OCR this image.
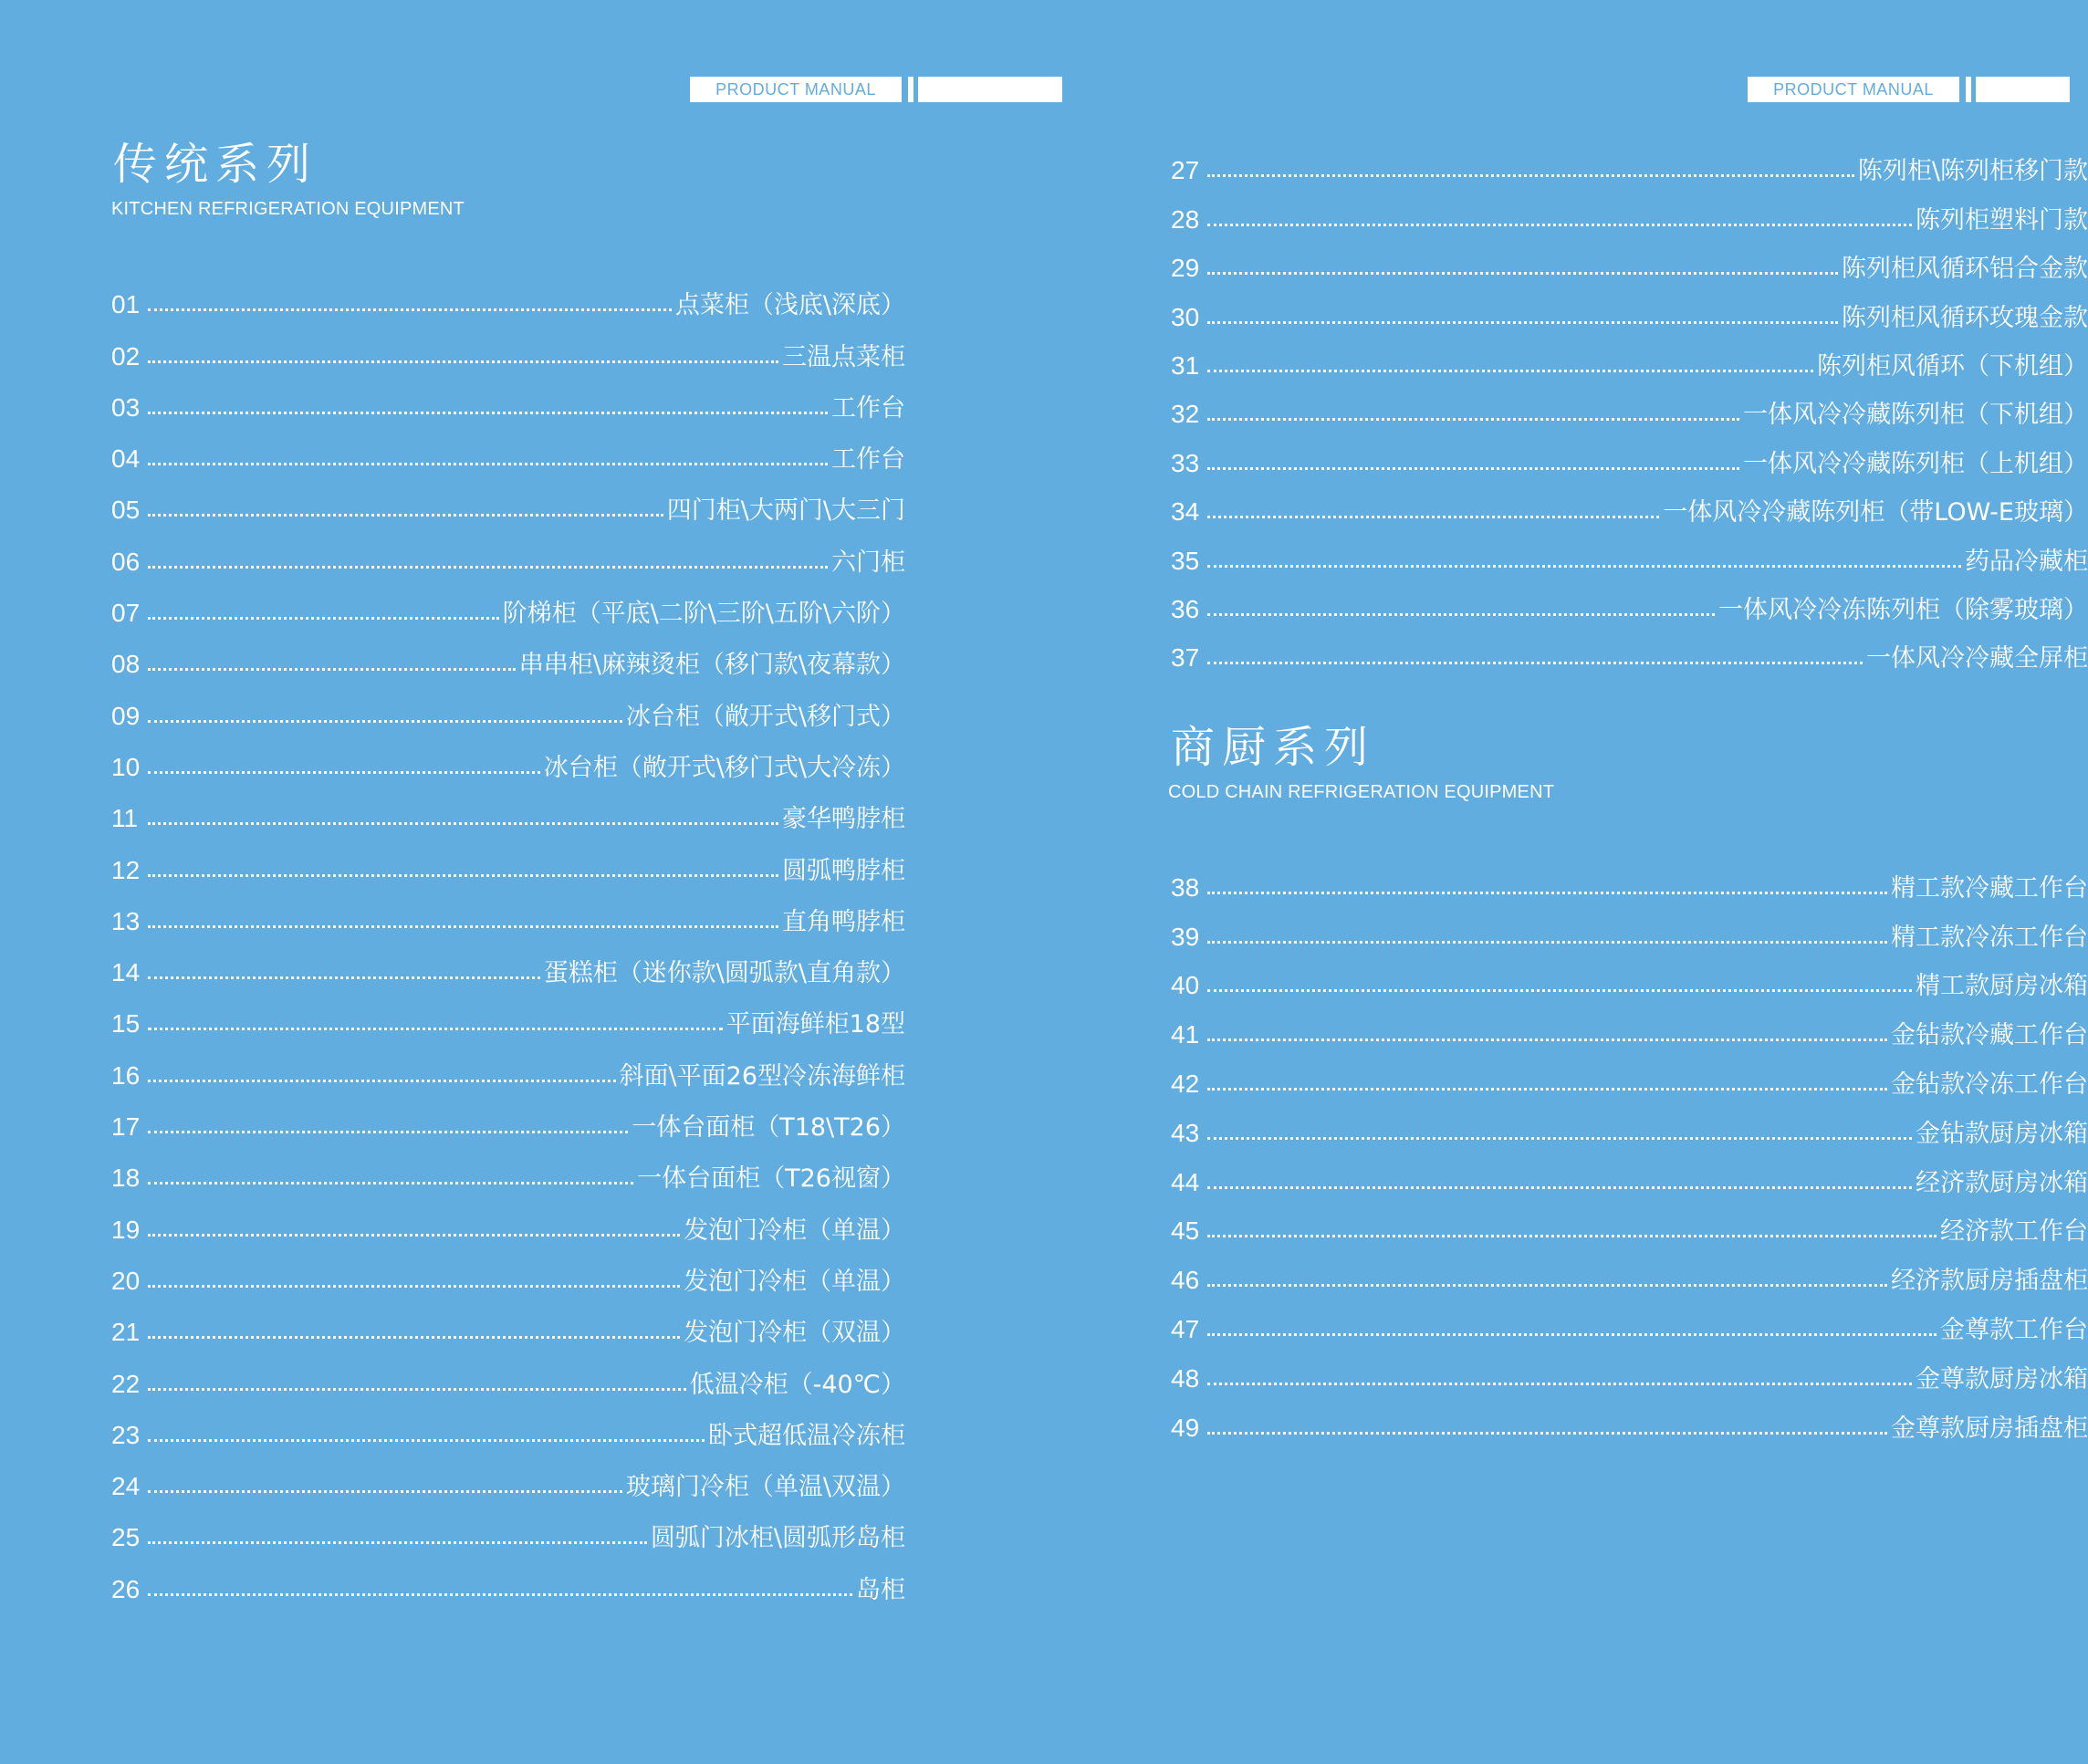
PRODUCT MANUAL
传统系列
KITCHEN REFRIGERATION EQUIPMENT
01	点菜柜（浅底\深底）
02	三温点菜柜
03	工作台
04	工作台
05	四门柜\大两门\大三门
06	六门柜
07	阶梯柜（平底\二阶\三阶\五阶\六阶）
08	串串柜\麻辣烫柜（移门款\夜幕款）
09	冰台柜（敞开式\移门式）
10	冰台柜（敞开式\移门式\大冷冻）
11	豪华鸭脖柜
12	圆弧鸭脖柜
13	直角鸭脖柜
14	蛋糕柜（迷你款\圆弧款\直角款）
15	平面海鲜柜18型
16	斜面\平面26型冷冻海鲜柜
17	一体台面柜（T18\T26）
18	一体台面柜（T26视窗）
19	发泡门冷柜（单温）
20	发泡门冷柜（单温）
21	发泡门冷柜（双温）
22	低温冷柜（-40℃）
23	卧式超低温冷冻柜
24	玻璃门冷柜（单温\双温）
25	圆弧门冰柜\圆弧形岛柜
26	岛柜
PRODUCT MANUAL
27	陈列柜\陈列柜移门款
28	陈列柜塑料门款
29	陈列柜风循环铝合金款
30	陈列柜风循环玫瑰金款
31	陈列柜风循环（下机组）
32	一体风冷冷藏陈列柜（下机组）
33	一体风冷冷藏陈列柜（上机组）
34	一体风冷冷藏陈列柜（带LOW-E玻璃）
35	药品冷藏柜
36	一体风冷冷冻陈列柜（除雾玻璃）
37	一体风冷冷藏全屏柜
商厨系列
COLD CHAIN REFRIGERATION EQUIPMENT
38	精工款冷藏工作台
39	精工款冷冻工作台
40	精工款厨房冰箱
41	金钻款冷藏工作台
42	金钻款冷冻工作台
43	金钻款厨房冰箱
44	经济款厨房冰箱
45	经济款工作台
46	经济款厨房插盘柜
47	金尊款工作台
48	金尊款厨房冰箱
49	金尊款厨房插盘柜
